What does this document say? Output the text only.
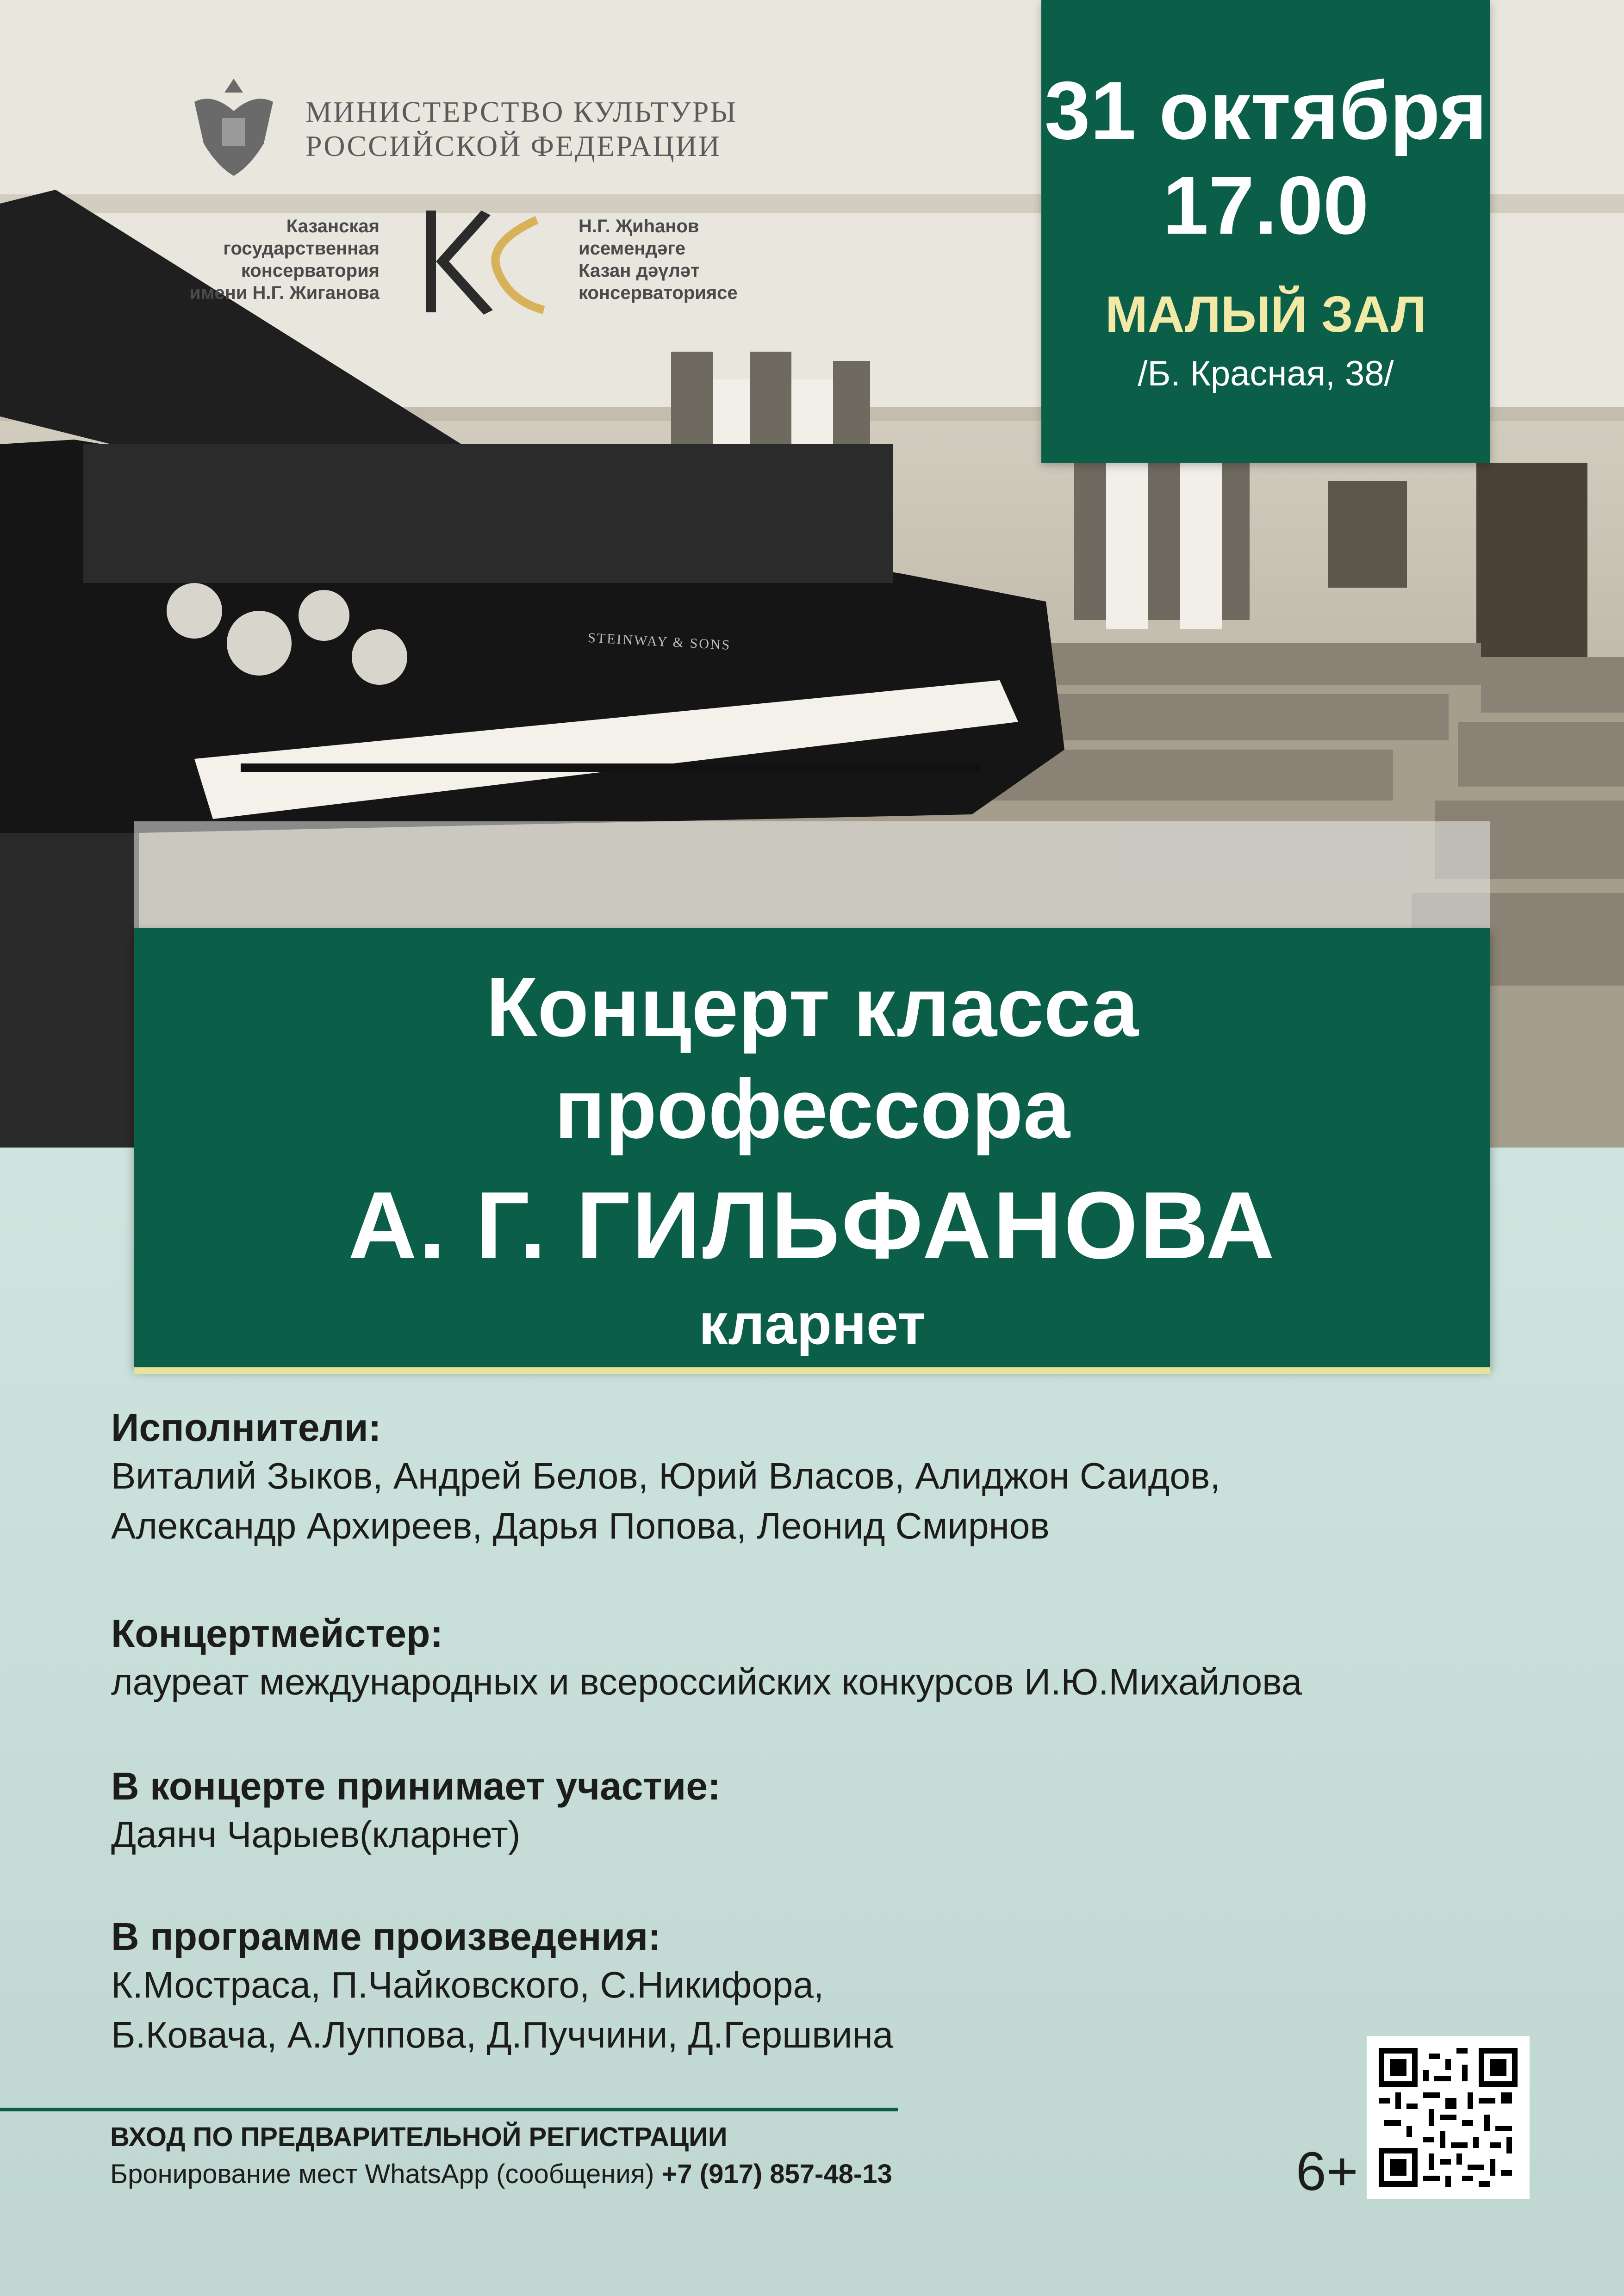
STEINWAY & SONS
МИНИСТЕРСТВО КУЛЬТУРЫ
РОССИЙСКОЙ ФЕДЕРАЦИИ
Казанская
государственная
консерватория
имени Н.Г. Жиганова
Н.Г. Җиһанов
исемендәге
Казан дәүләт
консерваториясе
31 октября
17.00
МАЛЫЙ ЗАЛ
/Б. Красная, 38/
Концерт класса
профессора
А. Г. ГИЛЬФАНОВА
кларнет
Исполнители:
Виталий Зыков, Андрей Белов, Юрий Власов, Алиджон Саидов,
Александр Архиреев, Дарья Попова, Леонид Смирнов
Концертмейстер:
лауреат международных и всероссийских конкурсов И.Ю.Михайлова
В концерте принимает участие:
Даянч Чарыев(кларнет)
В программе произведения:
К.Мостраса, П.Чайковского, С.Никифора,
Б.Ковача, А.Луппова, Д.Пуччини, Д.Гершвина
ВХОД ПО ПРЕДВАРИТЕЛЬНОЙ РЕГИСТРАЦИИ
Бронирование мест WhatsApp (сообщения) +7 (917) 857-48-13	6+
